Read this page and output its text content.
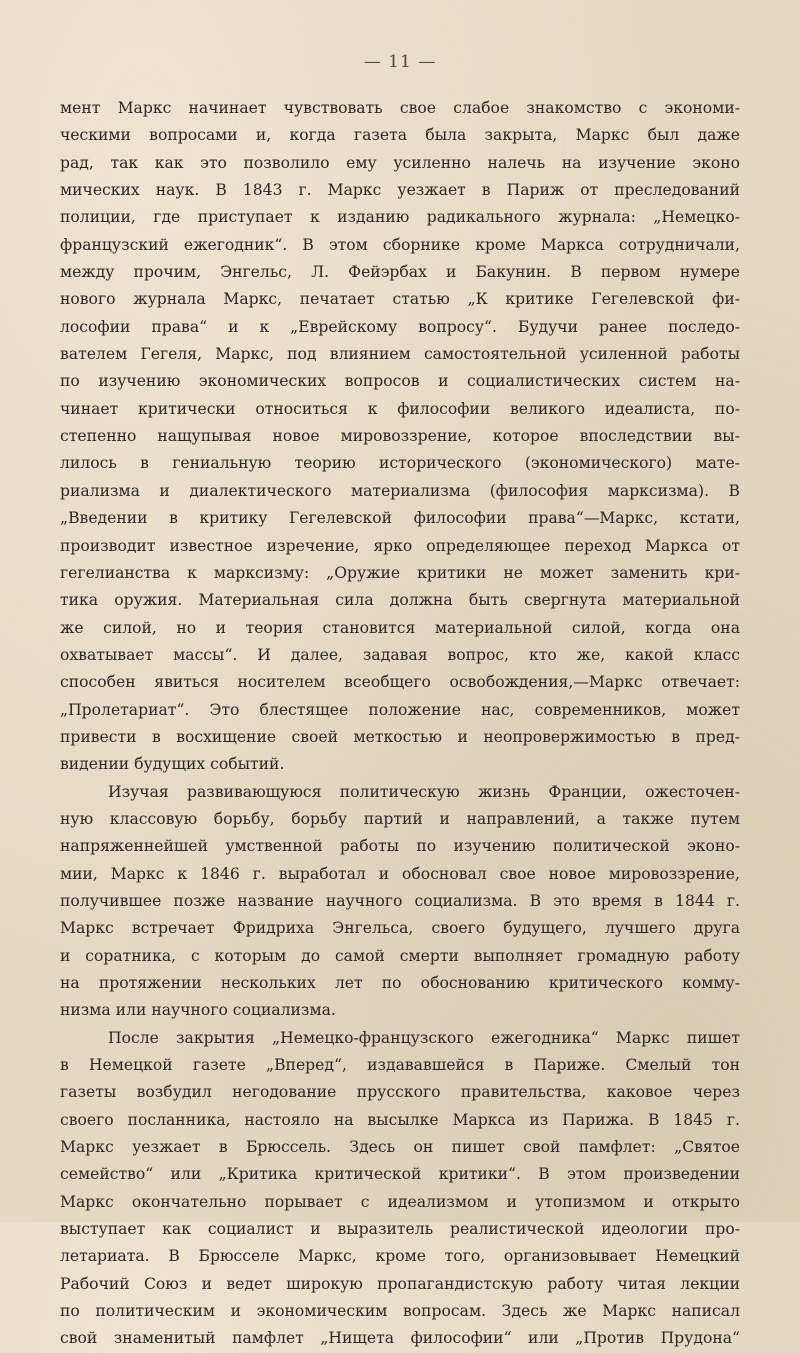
— 11 —
мент Маркс начинает чувствовать свое слабое знакомство с экономи-
ческими вопросами и, когда газета была закрыта, Маркс был даже
рад, так как это позволило ему усиленно налечь на изучение эконо
мических наук. В 1843 г. Маркс уезжает в Париж от преследований
полиции, где приступает к изданию радикального журнала: „Немецко-
французский ежегодник“. В этом сборнике кроме Маркса сотрудничали,
между прочим, Энгельс, Л. Фейэрбах и Бакунин. В первом нумере
нового журнала Маркс, печатает статью „К критике Гегелевской фи-
лософии права“ и к „Еврейскому вопросу“. Будучи ранее последо-
вателем Гегеля, Маркс, под влиянием самостоятельной усиленной работы
по изучению экономических вопросов и социалистических систем на-
чинает критически относиться к философии великого идеалиста, по-
степенно нащупывая новое мировоззрение, которое впоследствии вы-
лилось в гениальную теорию исторического (экономического) мате-
риализма и диалектического материализма (философия марксизма). В
„Введении в критику Гегелевской философии права“—Маркс, кстати,
производит известное изречение, ярко определяющее переход Маркса от
гегелианства к марксизму: „Оружие критики не может заменить кри-
тика оружия. Материальная сила должна быть свергнута материальной
же силой, но и теория становится материальной силой, когда она
охватывает массы“. И далее, задавая вопрос, кто же, какой класс
способен явиться носителем всеобщего освобождения,—Маркс отвечает:
„Пролетариат“. Это блестящее положение нас, современников, может
привести в восхищение своей меткостью и неопровержимостью в пред-
видении будущих событий.
Изучая развивающуюся политическую жизнь Франции, ожесточен-
ную классовую борьбу, борьбу партий и направлений, а также путем
напряженнейшей умственной работы по изучению политической эконо-
мии, Маркс к 1846 г. выработал и обосновал свое новое мировоззрение,
получившее позже название научного социализма. В это время в 1844 г.
Маркс встречает Фридриха Энгельса, своего будущего, лучшего друга
и соратника, с которым до самой смерти выполняет громадную работу
на протяжении нескольких лет по обоснованию критического комму-
низма или научного социализма.
После закрытия „Немецко-французского ежегодника“ Маркс пишет
в Немецкой газете „Вперед“, издававшейся в Париже. Смелый тон
газеты возбудил негодование прусского правительства, каковое через
своего посланника, настояло на высылке Маркса из Парижа. В 1845 г.
Маркс уезжает в Брюссель. Здесь он пишет свой памфлет: „Святое
семейство“ или „Критика критической критики“. В этом произведении
Маркс окончательно порывает с идеализмом и утопизмом и открыто
выступает как социалист и выразитель реалистической идеологии про-
летариата. В Брюсселе Маркс, кроме того, организовывает Немецкий
Рабочий Союз и ведет широкую пропагандистскую работу читая лекции
по политическим и экономическим вопросам. Здесь же Маркс написал
свой знаменитый памфлет „Нищета философии“ или „Против Прудона“
